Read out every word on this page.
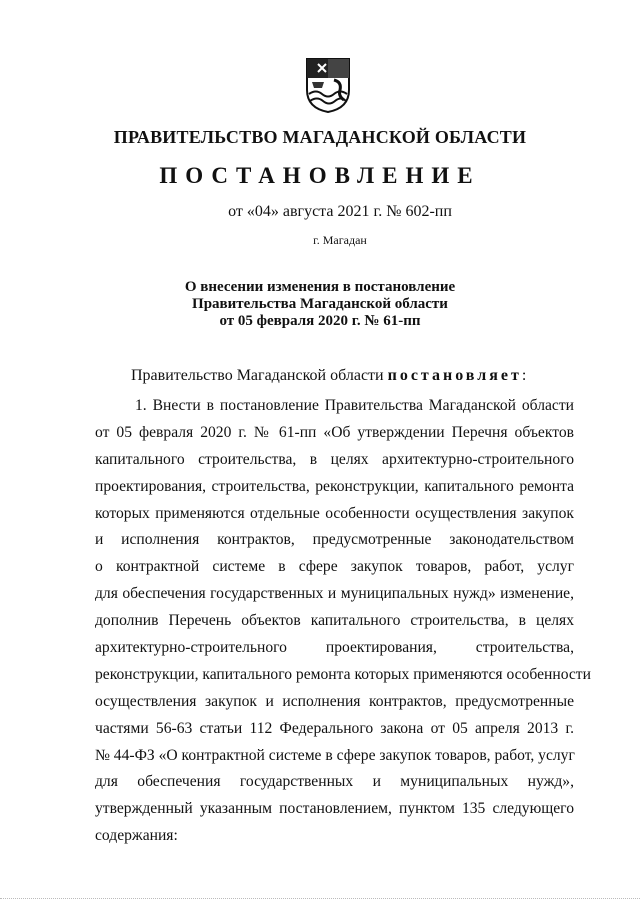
ПРАВИТЕЛЬСТВО МАГАДАНСКОЙ ОБЛАСТИ
ПОСТАНОВЛЕНИЕ
от «04» августа 2021 г. № 602-пп
г. Магадан
О внесении изменения в постановление
Правительства Магаданской области
от 05 февраля 2020 г. № 61-пп
Правительство Магаданской области постановляет:
1. Внести в постановление Правительства Магаданской области
от 05 февраля 2020 г. № 61-пп «Об утверждении Перечня объектов
капитального строительства, в целях архитектурно-строительного
проектирования, строительства, реконструкции, капитального ремонта
которых применяются отдельные особенности осуществления закупок
и исполнения контрактов, предусмотренные законодательством
о контрактной системе в сфере закупок товаров, работ, услуг
для обеспечения государственных и муниципальных нужд» изменение,
дополнив Перечень объектов капитального строительства, в целях
архитектурно-строительного проектирования, строительства,
реконструкции, капитального ремонта которых применяются особенности
осуществления закупок и исполнения контрактов, предусмотренные
частями 56-63 статьи 112 Федерального закона от 05 апреля 2013 г.
№ 44-ФЗ «О контрактной системе в сфере закупок товаров, работ, услуг
для обеспечения государственных и муниципальных нужд»,
утвержденный указанным постановлением, пунктом 135 следующего
содержания:
